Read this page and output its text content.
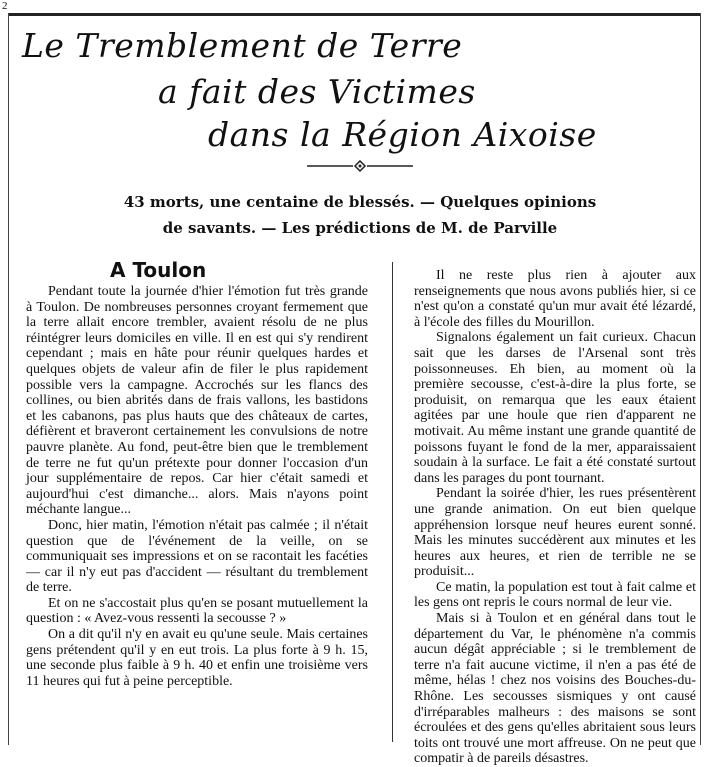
2
Le Tremblement de Terre
a fait des Victimes
dans la Région Aixoise
43 morts, une centaine de blessés. — Quelques opinions
de savants. — Les prédictions de M. de Parville
A Toulon

Pendant toute la journée d'hier l'émotion fut très grande à Toulon. De nombreuses personnes croyant fermement que la terre allait encore trembler, avaient résolu de ne plus réintégrer leurs domiciles en ville. Il en est qui s'y rendirent cependant ; mais en hâte pour réunir quelques hardes et quelques objets de valeur afin de filer le plus rapidement possible vers la campagne. Accrochés sur les flancs des collines, ou bien abrités dans de frais vallons, les bastidons et les cabanons, pas plus hauts que des châteaux de cartes, défièrent et braveront certainement les convulsions de notre pauvre planète. Au fond, peut-être bien que le tremblement de terre ne fut qu'un prétexte pour donner l'occasion d'un jour supplémentaire de repos. Car hier c'était samedi et aujourd'hui c'est dimanche... alors. Mais n'ayons point méchante langue...

Donc, hier matin, l'émotion n'était pas calmée ; il n'était question que de l'événement de la veille, on se communiquait ses impressions et on se racontait les facéties — car il n'y eut pas d'accident — résultant du tremblement de terre.

Et on ne s'accostait plus qu'en se posant mutuellement la question : « Avez-vous ressenti la secousse ? »

On a dit qu'il n'y en avait eu qu'une seule. Mais certaines gens prétendent qu'il y en eut trois. La plus forte à 9 h. 15, une seconde plus faible à 9 h. 40 et enfin une troisième vers 11 heures qui fut à peine perceptible.

Il ne reste plus rien à ajouter aux renseignements que nous avons publiés hier, si ce n'est qu'on a constaté qu'un mur avait été lézardé, à l'école des filles du Mourillon.

Signalons également un fait curieux. Chacun sait que les darses de l'Arsenal sont très poissonneuses. Eh bien, au moment où la première secousse, c'est-à-dire la plus forte, se produisit, on remarqua que les eaux étaient agitées par une houle que rien d'apparent ne motivait. Au même instant une grande quantité de poissons fuyant le fond de la mer, apparaissaient soudain à la surface. Le fait a été constaté surtout dans les parages du pont tournant.

Pendant la soirée d'hier, les rues présentèrent une grande animation. On eut bien quelque appréhension lorsque neuf heures eurent sonné. Mais les minutes succédèrent aux minutes et les heures aux heures, et rien de terrible ne se produisit...

Ce matin, la population est tout à fait calme et les gens ont repris le cours normal de leur vie.

Mais si à Toulon et en général dans tout le département du Var, le phénomène n'a commis aucun dégât appréciable ; si le tremblement de terre n'a fait aucune victime, il n'en a pas été de même, hélas ! chez nos voisins des Bouches-du-Rhône. Les secousses sismiques y ont causé d'irréparables malheurs : des maisons se sont écroulées et des gens qu'elles abritaient sous leurs toits ont trouvé une mort affreuse. On ne peut que compatir à de pareils désastres.
